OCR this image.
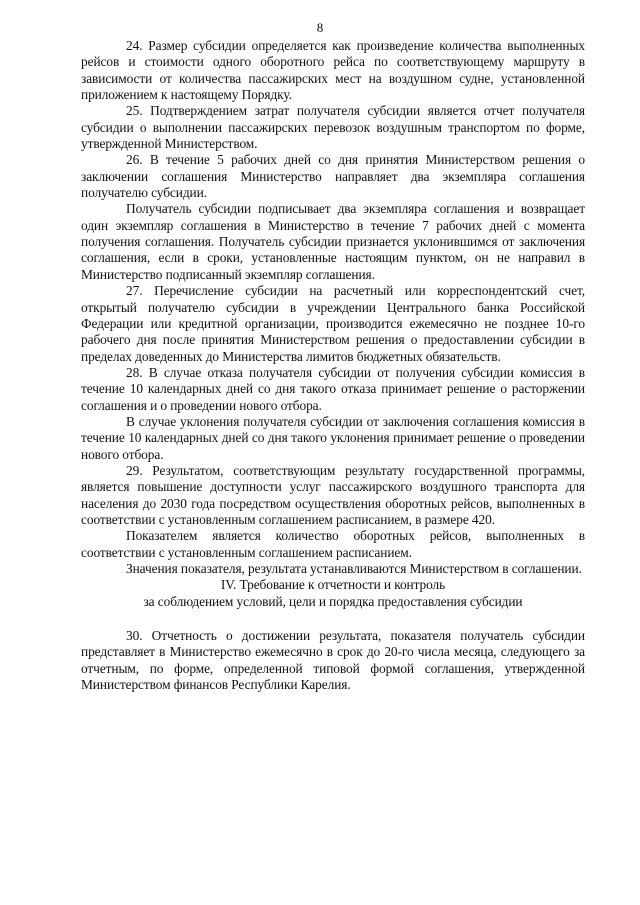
8

24. Размер субсидии определяется как произведение количества выполненных рейсов и стоимости одного оборотного рейса по соответствующему маршруту в зависимости от количества пассажирских мест на воздушном судне, установленной приложением к настоящему Порядку.

25. Подтверждением затрат получателя субсидии является отчет получателя субсидии о выполнении пассажирских перевозок воздушным транспортом по форме, утвержденной Министерством.

26. В течение 5 рабочих дней со дня принятия Министерством решения о заключении соглашения Министерство направляет два экземпляра соглашения получателю субсидии.

Получатель субсидии подписывает два экземпляра соглашения и возвращает один экземпляр соглашения в Министерство в течение 7 рабочих дней с момента получения соглашения. Получатель субсидии признается уклонившимся от заключения соглашения, если в сроки, установленные настоящим пунктом, он не направил в Министерство подписанный экземпляр соглашения.

27. Перечисление субсидии на расчетный или корреспондентский счет, открытый получателю субсидии в учреждении Центрального банка Российской Федерации или кредитной организации, производится ежемесячно не позднее 10-го рабочего дня после принятия Министерством решения о предоставлении субсидии в пределах доведенных до Министерства лимитов бюджетных обязательств.

28. В случае отказа получателя субсидии от получения субсидии комиссия в течение 10 календарных дней со дня такого отказа принимает решение о расторжении соглашения и о проведении нового отбора.

В случае уклонения получателя субсидии от заключения соглашения комиссия в течение 10 календарных дней со дня такого уклонения принимает решение о проведении нового отбора.

29. Результатом, соответствующим результату государственной программы, является повышение доступности услуг пассажирского воздушного транспорта для населения до 2030 года посредством осуществления оборотных рейсов, выполненных в соответствии с установленным соглашением расписанием, в размере 420.

Показателем является количество оборотных рейсов, выполненных в соответствии с установленным соглашением расписанием.

Значения показателя, результата устанавливаются Министерством в соглашении.

IV. Требование к отчетности и контроль

за соблюдением условий, цели и порядка предоставления субсидии

30. Отчетность о достижении результата, показателя получатель субсидии представляет в Министерство ежемесячно в срок до 20-го числа месяца, следующего за отчетным, по форме, определенной типовой формой соглашения, утвержденной Министерством финансов Республики Карелия.
